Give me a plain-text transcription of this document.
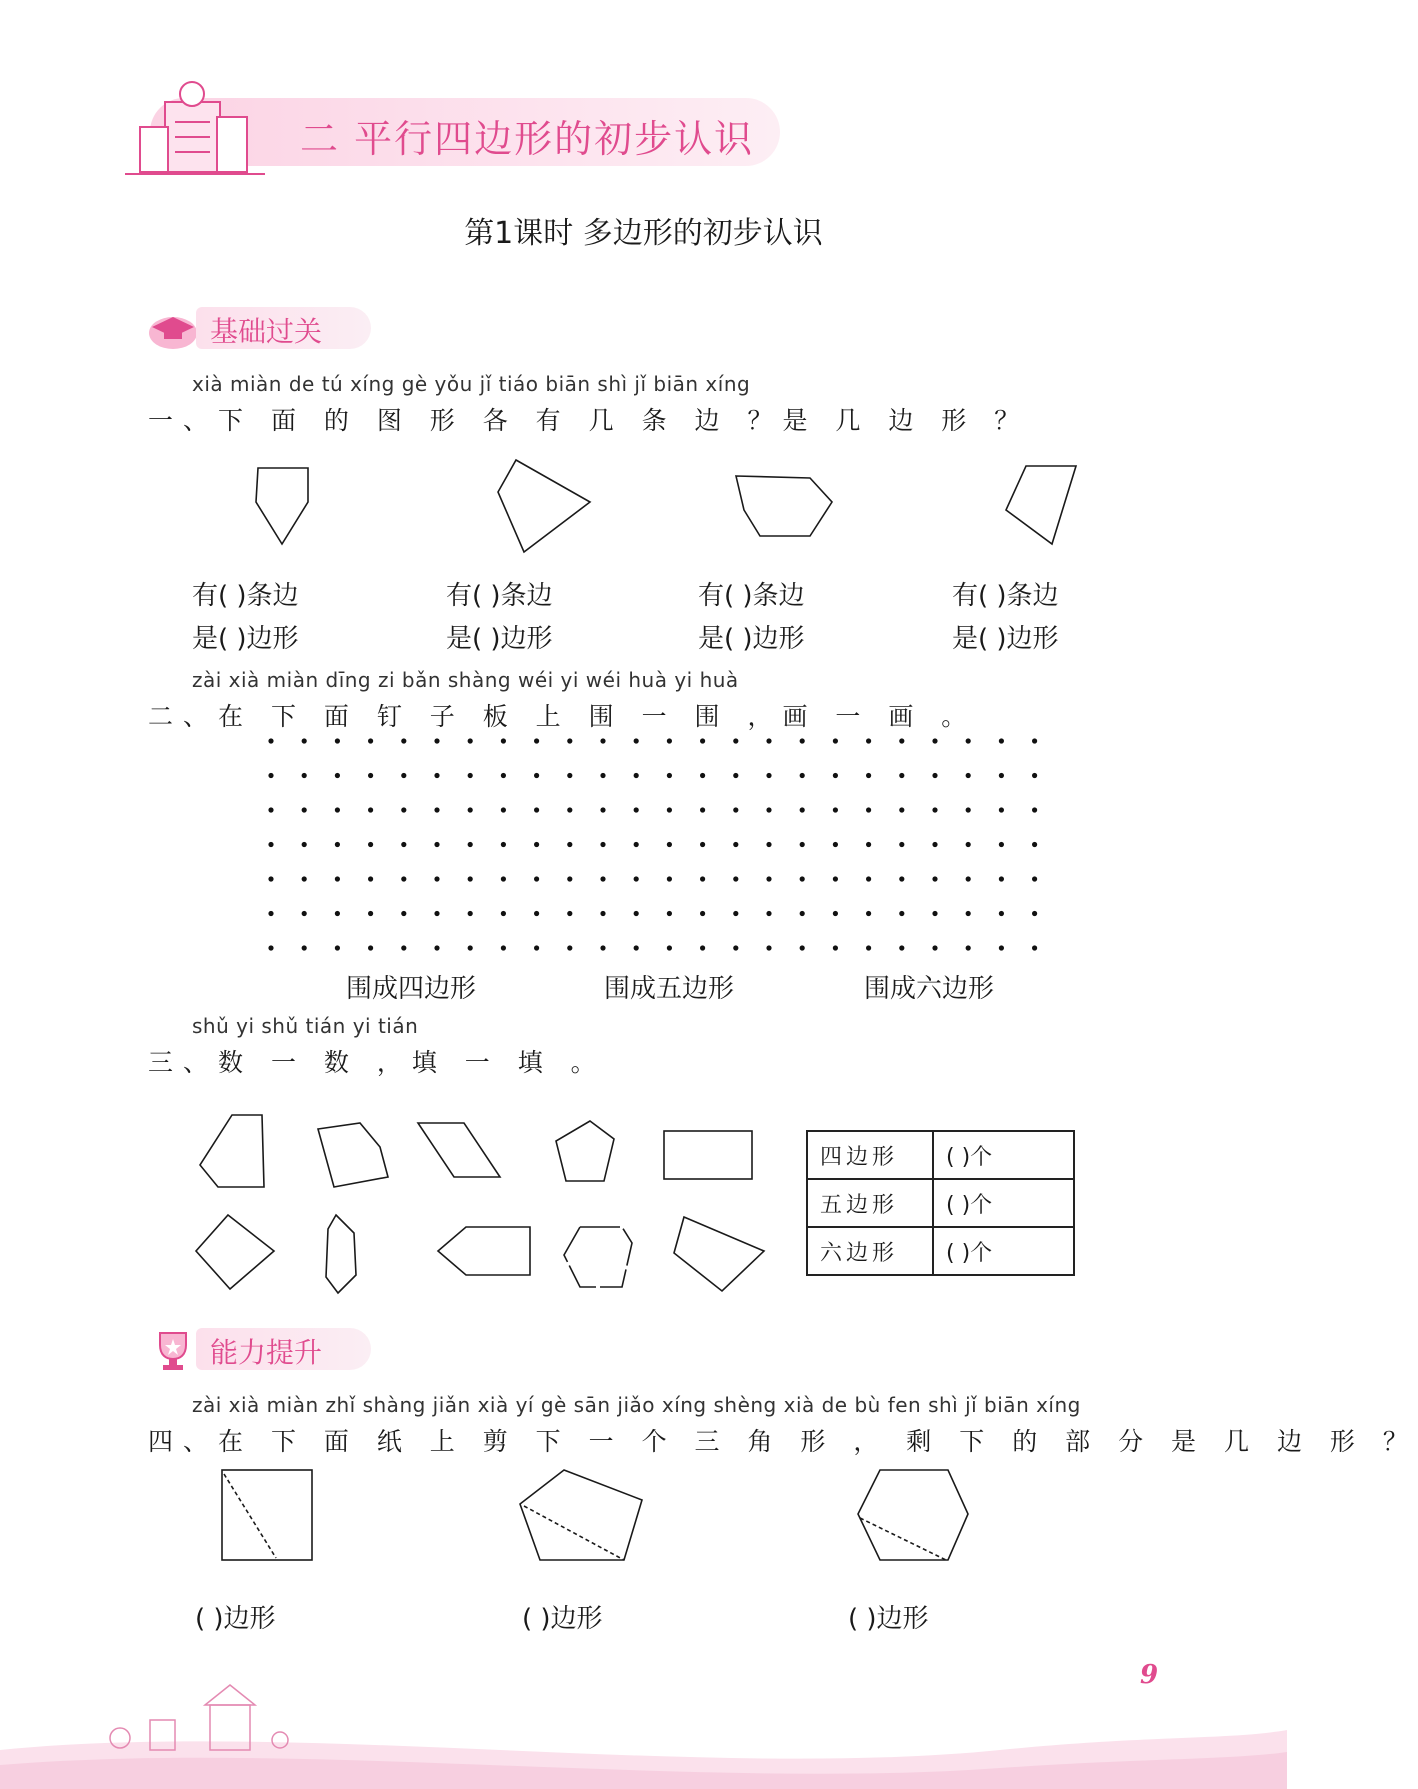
二 平行四边形的初步认识
第1课时 多边形的初步认识
基础过关
xià miàn de tú xíng gè yǒu jǐ tiáo biān shì jǐ biān xíng
一、下 面 的 图 形 各 有 几 条 边 ？是 几 边 形 ？
有( )条边
是( )边形
有( )条边
是( )边形
有( )条边
是( )边形
有( )条边
是( )边形
zài xià miàn dīng zi bǎn shàng wéi yi wéi huà yi huà
二、在 下 面 钉 子 板 上 围 一 围 ，画 一 画 。
围成四边形	围成五边形	围成六边形
shǔ yi shǔ tián yi tián
三、数 一 数 ，填 一 填 。
四边形	( )个
五边形	( )个
六边形	( )个
能力提升
zài xià miàn zhǐ shàng jiǎn xià yí gè sān jiǎo xíng shèng xià de bù fen shì jǐ biān xíng
四、在 下 面 纸 上 剪 下 一 个 三 角 形 ， 剩 下 的 部 分 是 几 边 形 ？
( )边形	( )边形	( )边形
9
